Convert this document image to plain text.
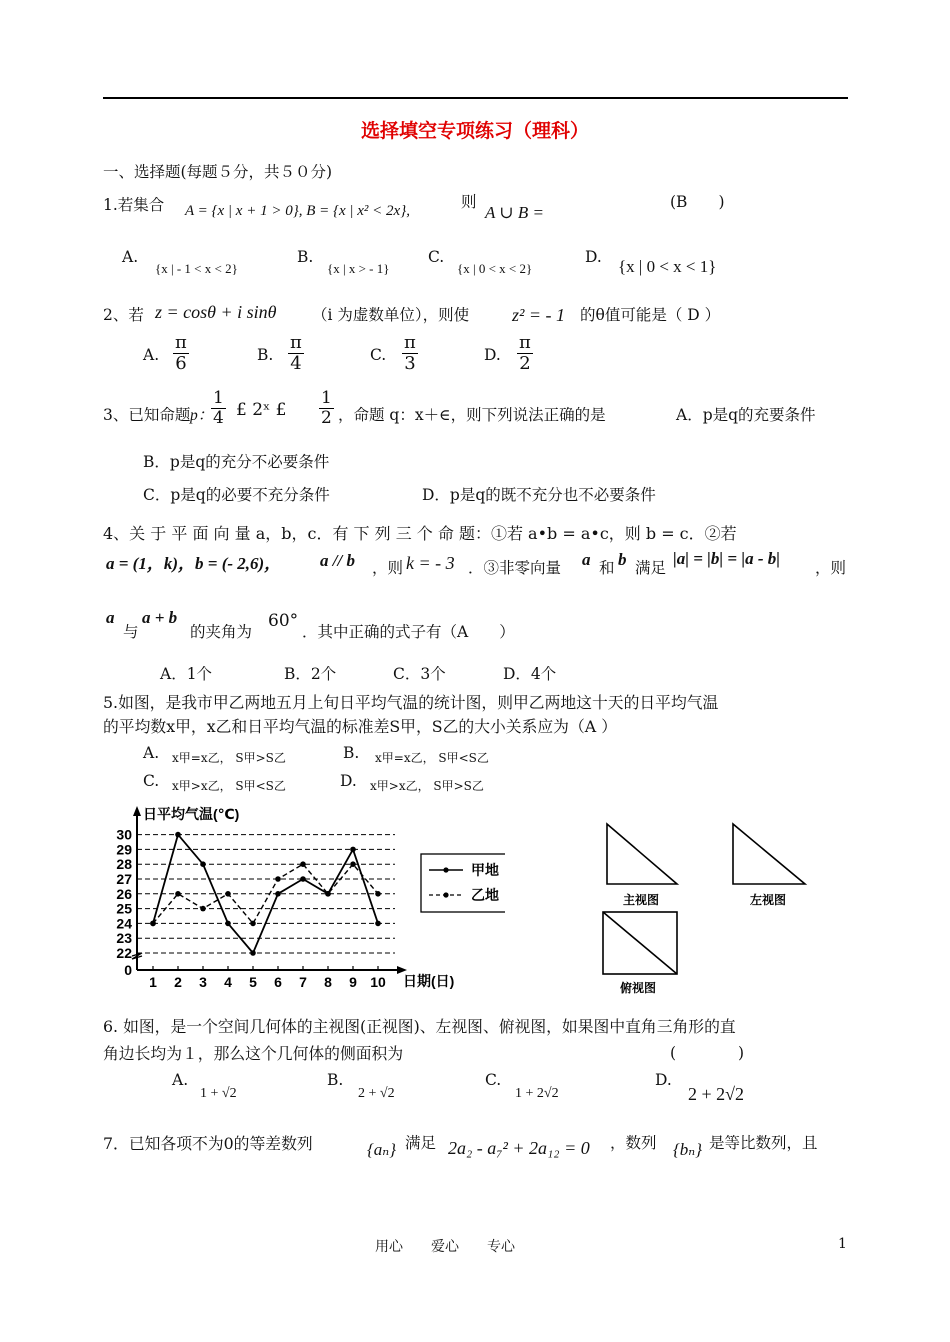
选择填空专项练习（理科）
一、选择题(每题５分，共５０分)
1.若集合 A = {x | x + 1 > 0}, B = {x | x² < 2x},	则
A ∪ B =
(B　　)
A.
{x | - 1 < x < 2}
B.
{x | x > - 1}
C.
{x | 0 < x < 2}
D. {x | 0 < x < 1}
2、若 z = cosθ + i sinθ （i 为虚数单位），则使 z² = - 1 的θ值可能是（ D ）
A. $\frac{\pi}{6}$	B. $\frac{\pi}{4}$	C. $\frac{\pi}{3}$	D. $\frac{\pi}{2}$
3、已知命题 p：
$\frac{1}{4}$ £ 2ˣ £ $\frac{1}{2}$ ，命题 q：x＋∈，则下列说法正确的是	A．p是q的充要条件
B．p是q的充分不必要条件
C．p是q的必要不充分条件	D．p是q的既不充分也不必要条件
4、关 于 平 面 向 量 a，b，c．有 下 列 三 个 命 题：①若 a•b = a•c，则 b = c．②若
a = (1，k)，b = (- 2,6)， a // b ，则 k = - 3 ．③非零向量 a 和 b 满足 |a| = |b| = |a - b| ，则
a
与
a + b
的夹角为
60°
．其中正确的式子有（A　　）
A．1个	B．2个	C．3个	D．4个
5.如图，是我市甲乙两地五月上旬日平均气温的统计图，则甲乙两地这十天的日平均气温
的平均数x甲，x乙和日平均气温的标准差S甲，S乙的大小关系应为（A ）
A. x甲=x乙， S甲>S乙	B. x甲=x乙， S甲<S乙
C. x甲>x乙， S甲<S乙	D. x甲>x乙， S甲>S乙
日平均气温(℃)
日期(日)
0
22
23
24
25
26
27
28
29
30
1 2 3 4 5 6 7 8 9 10
甲地
乙地	主视图	左视图
俯视图
6. 如图，是一个空间几何体的主视图(正视图)、左视图、俯视图，如果图中直角三角形的直
角边长均为１，那么这个几何体的侧面积为	(　　　　)
A.
1 + √2
B.
2 + √2
C.
1 + 2√2
D.
2 + 2√2
7．已知各项不为0的等差数列	{aₙ} 满足 2a₂ - a₇² + 2a₁₂ = 0 ，数列 {bₙ} 是等比数列，且
用心　　爱心　　专心	1
